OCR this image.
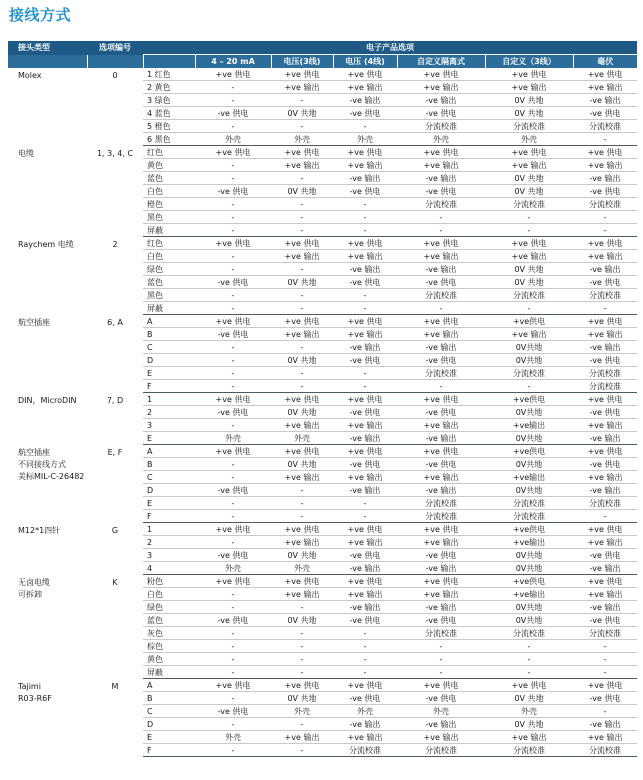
接线方式
接头类型	选项编号	电子产品选项						
			4 – 20 mA	电压(3线)	电压 (4线)	自定义隔离式	自定义（3线）	毫伏
Molex	0	1 红色	+ve 供电	+ve 供电	+ve 供电	+ve 供电	+ve 供电	+ve 供电
		2 黄色	-	+ve 输出	+ve 输出	+ve 输出	+ve 输出	+ve 输出
		3 绿色	-	-	-ve 输出	-ve 输出	0V 共地	-ve 输出
		4 蓝色	-ve 供电	0V 共地	-ve 供电	-ve 供电	0V 共地	-ve 供电
		5 橙色	-	-	-	分流校准	分流校准	分流校准
		6 黑色	外壳	外壳	外壳	外壳	外壳	-
电缆	1, 3, 4, C	红色	+ve 供电	+ve 供电	+ve 供电	+ve 供电	+ve 供电	+ve 供电
		黄色	-	+ve 输出	+ve 输出	+ve 输出	+ve 输出	+ve 输出
		蓝色	-	-	-ve 输出	-ve 输出	0V 共地	-ve 输出
		白色	-ve 供电	0V 共地	-ve 供电	-ve 供电	0V 共地	-ve 供电
		橙色	-	-	-	分流校准	分流校准	分流校准
		黑色	-	-	-	-	-	-
		屏蔽	-	-	-	-	-	-
Raychem 电缆	2	红色	+ve 供电	+ve 供电	+ve 供电	+ve 供电	+ve 供电	+ve 供电
		白色	-	+ve 输出	+ve 输出	+ve 输出	+ve 输出	+ve 输出
		绿色	-	-	-ve 输出	-ve 输出	0V 共地	-ve 输出
		蓝色	-ve 供电	0V 共地	-ve 供电	-ve 供电	0V 共地	-ve 供电
		黑色	-	-	-	分流校准	分流校准	分流校准
		屏蔽	-	-	-	-	-	-
航空插座	6, A	A	+ve 供电	+ve 供电	+ve 供电	+ve 供电	+ve供电	+ve 供电
		B	-ve 供电	+ve 输出	+ve 输出	+ve 输出	+ve 输出	+ve 输出
		C	-	-	-ve 输出	-ve 输出	0V共地	-ve 输出
		D	-	0V 共地	-ve 供电	-ve 供电	0V共地	-ve 供电
		E	-	-	-	分流校准	分流校准	分流校准
		F	-	-	-	-	-	分流校准
DIN，MicroDIN	7, D	1	+ve 供电	+ve 供电	+ve 供电	+ve 供电	+ve供电	+ve 供电
		2	-ve 供电	0V 共地	-ve 供电	-ve 供电	0V共地	-ve 供电
		3	-	+ve 输出	+ve 输出	+ve 输出	+ve输出	+ve 输出
		E	外壳	外壳	-ve 输出	-ve 输出	0V共地	-ve 输出
航空插座
不同接线方式
美标MIL-C-26482	E, F	A	+ve 供电	+ve 供电	+ve 供电	+ve 供电	+ve供电	+ve 供电
		B	-	0V 共地	-ve 供电	-ve 供电	0V共地	-ve 供电
		C	-	+ve 输出	+ve 输出	+ve 输出	+ve输出	+ve 输出
		D	-ve 供电	-	-ve 输出	-ve 输出	0V共地	-ve 输出
		E	-	-	-	分流校准	分流校准	分流校准
		F	-	-	-	分流校准	分流校准	-
M12*1四针	G	1	+ve 供电	+ve 供电	+ve 供电	+ve 供电	+ve供电	+ve 供电
		2	-	+ve 输出	+ve 输出	+ve 输出	+ve输出	+ve 输出
		3	-ve 供电	0V 共地	-ve 供电	-ve 供电	0V共地	-ve 供电
		4	外壳	外壳	-ve 输出	-ve 输出	0V共地	-ve 输出
无卤电缆
可拆卸	K	粉色	+ve 供电	+ve 供电	+ve 供电	+ve 供电	+ve供电	+ve 供电
		白色	-	+ve 输出	+ve 输出	+ve 输出	+ve输出	+ve 输出
		绿色	-	-	-ve 输出	-ve 输出	0V共地	-ve 输出
		蓝色	-ve 供电	0V 共地	-ve 供电	-ve 供电	0V共地	-ve 供电
		灰色	-	-	-	分流校准	分流校准	分流校准
		棕色	-	-	-	-	-	-
		黄色	-	-	-	-	-	-
		屏蔽	-	-	-	-	-	-
Tajimi
R03-R6F	M	A	+ve 供电	+ve 供电	+ve 供电	+ve 供电	+ve 供电	+ve 供电
		B	-	0V 共地	-ve 供电	-ve 供电	0V 共地	-ve 供电
		C	-ve 供电	外壳	外壳	外壳	外壳	-
		D	-	-	-ve 输出	-ve 输出	0V 共地	-ve 输出
		E	外壳	+ve 输出	+ve 输出	+ve 输出	+ve 输出	+ve 输出
		F	-	-	分流校准	分流校准	分流校准	分流校准
